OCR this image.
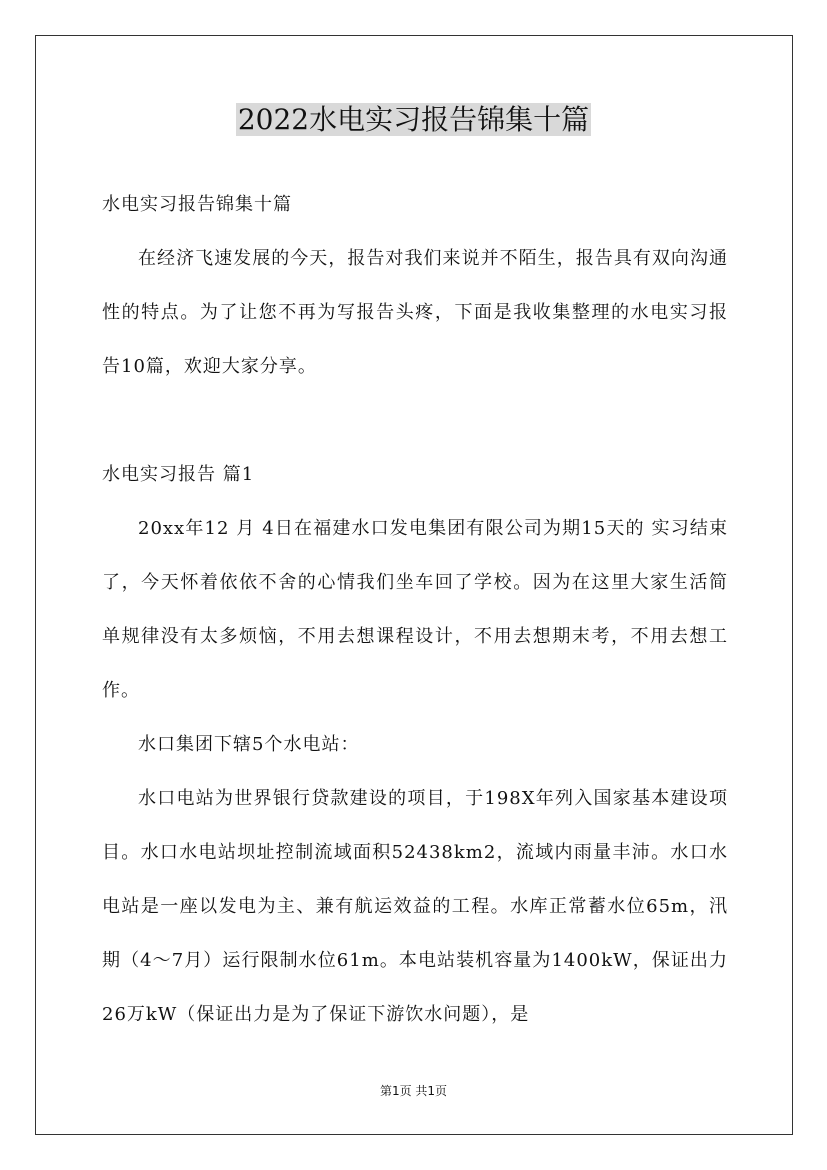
2022水电实习报告锦集十篇

水电实习报告锦集十篇

在经济飞速发展的今天，报告对我们来说并不陌生，报告具有双向沟通性的特点。为了让您不再为写报告头疼，下面是我收集整理的水电实习报告10篇，欢迎大家分享。

水电实习报告 篇1

20xx年12 月 4日在福建水口发电集团有限公司为期15天的 实习结束了，今天怀着依依不舍的心情我们坐车回了学校。因为在这里大家生活简单规律没有太多烦恼，不用去想课程设计，不用去想期末考，不用去想工作。

水口集团下辖5个水电站：

水口电站为世界银行贷款建设的项目，于198X年列入国家基本建设项目。水口水电站坝址控制流域面积52438km2，流域内雨量丰沛。水口水电站是一座以发电为主、兼有航运效益的工程。水库正常蓄水位65m，汛期（4～7月）运行限制水位61m。本电站装机容量为1400kW，保证出力26万kW（保证出力是为了保证下游饮水问题），是

第1页 共1页
